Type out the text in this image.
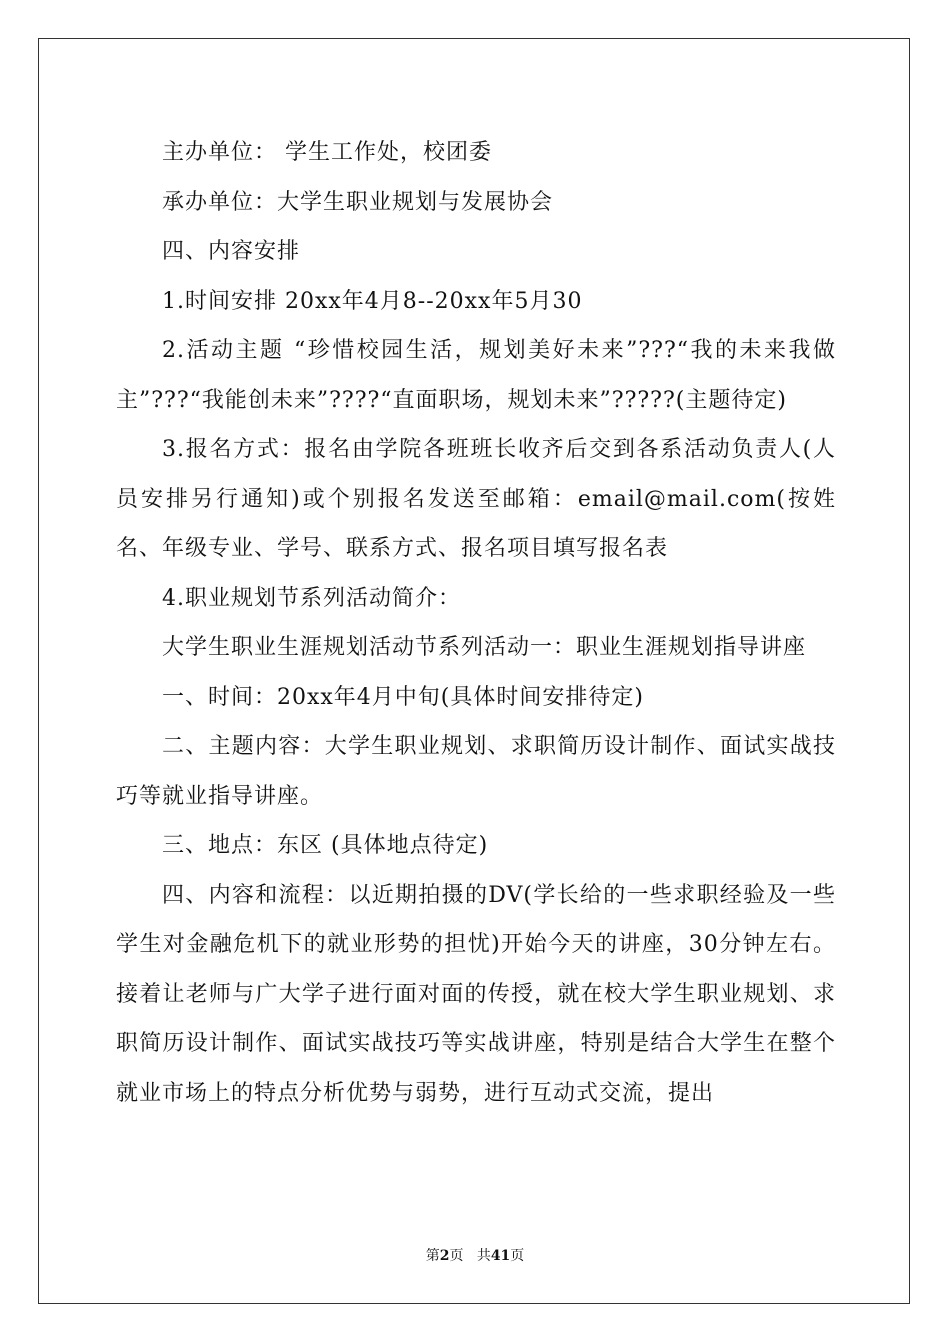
主办单位： 学生工作处，校团委

承办单位：大学生职业规划与发展协会

四、内容安排

1.时间安排 20xx年4月8--20xx年5月30

2.活动主题 “珍惜校园生活，规划美好未来”???“我的未来我做主”???“我能创未来”????“直面职场，规划未来”?????(主题待定)

3.报名方式：报名由学院各班班长收齐后交到各系活动负责人(人员安排另行通知)或个别报名发送至邮箱：email@mail.com(按姓名、年级专业、学号、联系方式、报名项目填写报名表

4.职业规划节系列活动简介：

大学生职业生涯规划活动节系列活动一：职业生涯规划指导讲座

一、时间：20xx年4月中旬(具体时间安排待定)

二、主题内容：大学生职业规划、求职简历设计制作、面试实战技巧等就业指导讲座。

三、地点：东区 (具体地点待定)

四、内容和流程：以近期拍摄的DV(学长给的一些求职经验及一些学生对金融危机下的就业形势的担忧)开始今天的讲座，30分钟左右。接着让老师与广大学子进行面对面的传授，就在校大学生职业规划、求职简历设计制作、面试实战技巧等实战讲座，特别是结合大学生在整个就业市场上的特点分析优势与弱势，进行互动式交流，提出

第2页 共41页
